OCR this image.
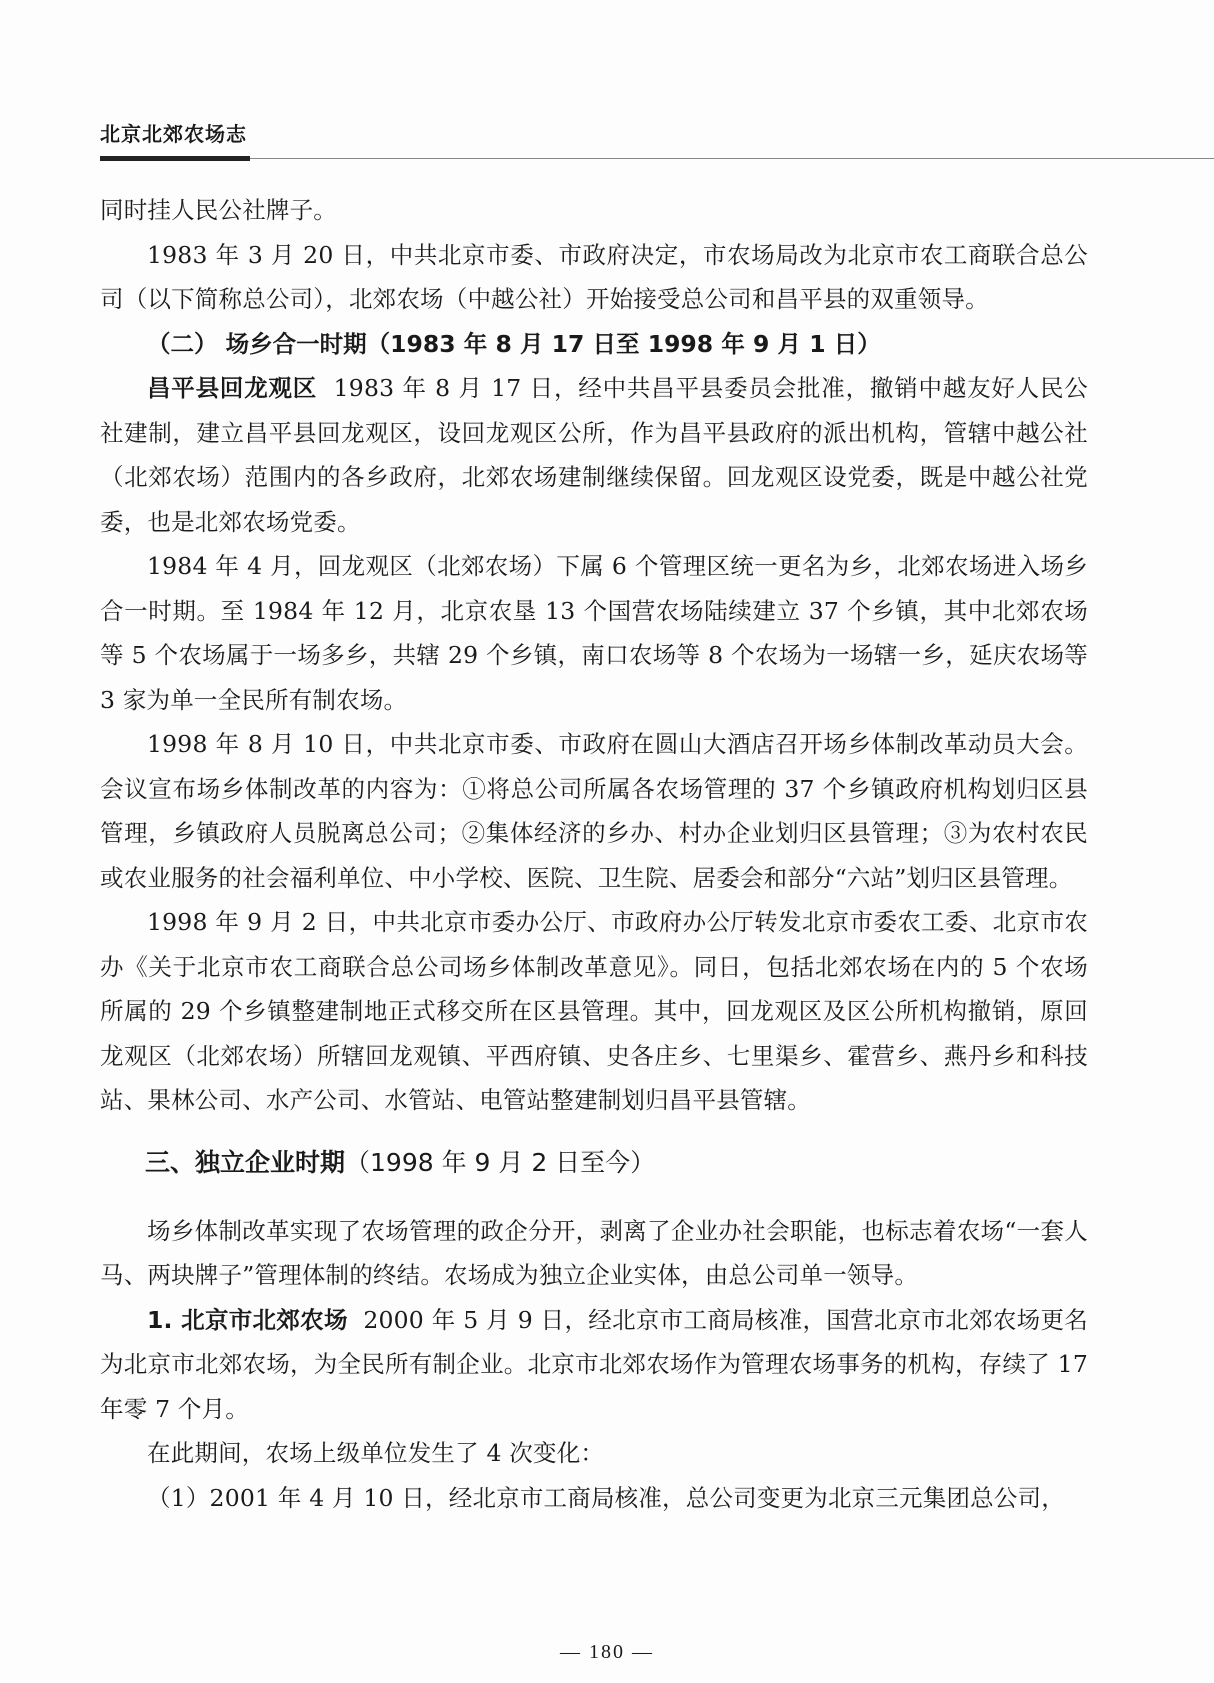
北京北郊农场志

同时挂人民公社牌子。

1983 年 3 月 20 日，中共北京市委、市政府决定，市农场局改为北京市农工商联合总公司（以下简称总公司），北郊农场（中越公社）开始接受总公司和昌平县的双重领导。

（二） 场乡合一时期（1983 年 8 月 17 日至 1998 年 9 月 1 日）

昌平县回龙观区 1983 年 8 月 17 日，经中共昌平县委员会批准，撤销中越友好人民公社建制，建立昌平县回龙观区，设回龙观区公所，作为昌平县政府的派出机构，管辖中越公社（北郊农场）范围内的各乡政府，北郊农场建制继续保留。回龙观区设党委，既是中越公社党委，也是北郊农场党委。

1984 年 4 月，回龙观区（北郊农场）下属 6 个管理区统一更名为乡，北郊农场进入场乡合一时期。至 1984 年 12 月，北京农垦 13 个国营农场陆续建立 37 个乡镇，其中北郊农场等 5 个农场属于一场多乡，共辖 29 个乡镇，南口农场等 8 个农场为一场辖一乡，延庆农场等 3 家为单一全民所有制农场。

1998 年 8 月 10 日，中共北京市委、市政府在圆山大酒店召开场乡体制改革动员大会。会议宣布场乡体制改革的内容为：①将总公司所属各农场管理的 37 个乡镇政府机构划归区县管理，乡镇政府人员脱离总公司；②集体经济的乡办、村办企业划归区县管理；③为农村农民或农业服务的社会福利单位、中小学校、医院、卫生院、居委会和部分“六站”划归区县管理。

1998 年 9 月 2 日，中共北京市委办公厅、市政府办公厅转发北京市委农工委、北京市农办《关于北京市农工商联合总公司场乡体制改革意见》。同日，包括北郊农场在内的 5 个农场所属的 29 个乡镇整建制地正式移交所在区县管理。其中，回龙观区及区公所机构撤销，原回龙观区（北郊农场）所辖回龙观镇、平西府镇、史各庄乡、七里渠乡、霍营乡、燕丹乡和科技站、果林公司、水产公司、水管站、电管站整建制划归昌平县管辖。

三、独立企业时期（1998 年 9 月 2 日至今）

场乡体制改革实现了农场管理的政企分开，剥离了企业办社会职能，也标志着农场“一套人马、两块牌子”管理体制的终结。农场成为独立企业实体，由总公司单一领导。

1. 北京市北郊农场 2000 年 5 月 9 日，经北京市工商局核准，国营北京市北郊农场更名为北京市北郊农场，为全民所有制企业。北京市北郊农场作为管理农场事务的机构，存续了 17 年零 7 个月。

在此期间，农场上级单位发生了 4 次变化：

（1）2001 年 4 月 10 日，经北京市工商局核准，总公司变更为北京三元集团总公司，

— 180 —
